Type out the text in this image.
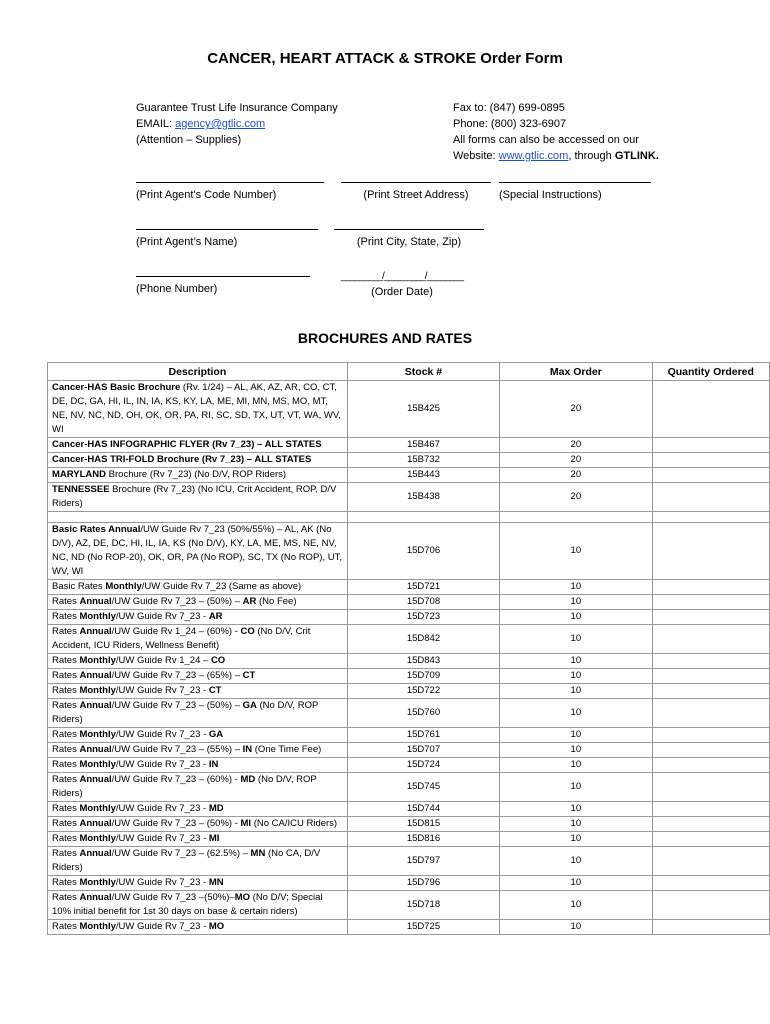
CANCER, HEART ATTACK & STROKE Order Form
Guarantee Trust Life Insurance Company
EMAIL: agency@gtlic.com
(Attention – Supplies)
Fax to: (847) 699-0895
Phone: (800) 323-6907
All forms can also be accessed on our
Website: www.gtlic.com, through GTLINK.
(Print Agent's Code Number)	(Print Street Address)	(Special Instructions)
(Print Agent’s Name)	(Print City, State, Zip)
(Phone Number)
_________/_________/________
(Order Date)
BROCHURES AND RATES
Description	Stock #	Max Order	Quantity Ordered
Cancer-HAS Basic Brochure (Rv. 1/24) – AL, AK, AZ, AR, CO, CT, DE, DC, GA, HI, IL, IN, IA, KS, KY, LA, ME, MI, MN, MS, MO, MT, NE, NV, NC, ND, OH, OK, OR, PA, RI, SC, SD, TX, UT, VT, WA, WV, WI	15B425	20	
Cancer-HAS INFOGRAPHIC FLYER (Rv 7_23) – ALL STATES	15B467	20	
Cancer-HAS TRI-FOLD Brochure (Rv 7_23) – ALL STATES	15B732	20	
MARYLAND Brochure (Rv 7_23) (No D/V, ROP Riders)	15B443	20	
TENNESSEE Brochure (Rv 7_23) (No ICU, Crit Accident, ROP, D/V Riders)	15B438	20	

Basic Rates Annual/UW Guide Rv 7_23 (50%/55%) – AL, AK (No D/V), AZ, DE, DC, HI, IL, IA, KS (No D/V), KY, LA, ME, MS, NE, NV, NC, ND (No ROP-20), OK, OR, PA (No ROP), SC, TX (No ROP), UT, WV, WI	15D706	10	
Basic Rates Monthly/UW Guide Rv 7_23 (Same as above)	15D721	10	
Rates Annual/UW Guide Rv 7_23 – (50%) – AR (No Fee)	15D708	10	
Rates Monthly/UW Guide Rv 7_23 - AR	15D723	10	
Rates Annual/UW Guide Rv 1_24 – (60%) - CO (No D/V, Crit Accident, ICU Riders, Wellness Benefit)	15D842	10	
Rates Monthly/UW Guide Rv 1_24 – CO	15D843	10	
Rates Annual/UW Guide Rv 7_23 – (65%) – CT	15D709	10	
Rates Monthly/UW Guide Rv 7_23 - CT	15D722	10	
Rates Annual/UW Guide Rv 7_23 – (50%) – GA (No D/V, ROP Riders)	15D760	10	
Rates Monthly/UW Guide Rv 7_23 - GA	15D761	10	
Rates Annual/UW Guide Rv 7_23 – (55%) – IN (One Time Fee)	15D707	10	
Rates Monthly/UW Guide Rv 7_23 - IN	15D724	10	
Rates Annual/UW Guide Rv 7_23 – (60%) - MD (No D/V, ROP Riders)	15D745	10	
Rates Monthly/UW Guide Rv 7_23 - MD	15D744	10	
Rates Annual/UW Guide Rv 7_23 – (50%) - MI (No CA/ICU Riders)	15D815	10	
Rates Monthly/UW Guide Rv 7_23 - MI	15D816	10	
Rates Annual/UW Guide Rv 7_23 – (62.5%) – MN (No CA, D/V Riders)	15D797	10	
Rates Monthly/UW Guide Rv 7_23 - MN	15D796	10	
Rates Annual/UW Guide Rv 7_23 –(50%)–MO (No D/V; Special 10% initial benefit for 1st 30 days on base & certain riders)	15D718	10	
Rates Monthly/UW Guide Rv 7_23 - MO	15D725	10	
